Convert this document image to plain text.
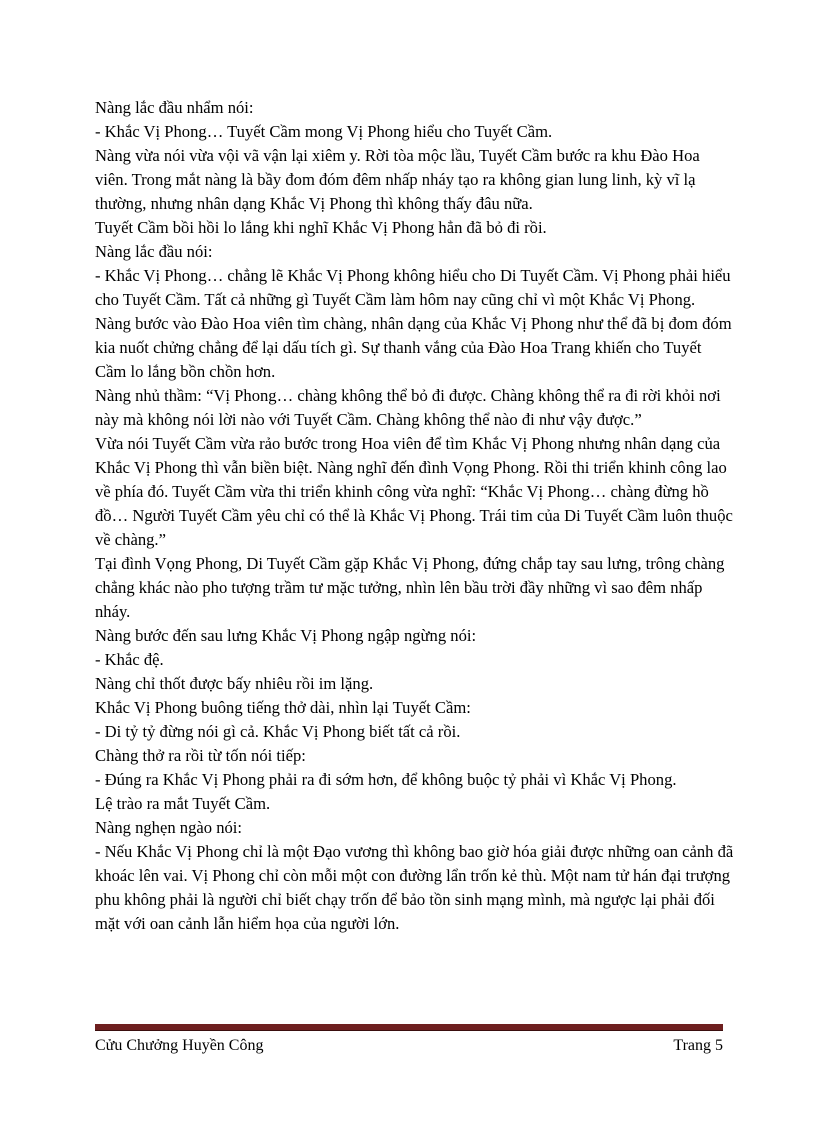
Nàng lắc đầu nhẩm nói:

- Khắc Vị Phong… Tuyết Cầm mong Vị Phong hiểu cho Tuyết Cầm.

Nàng vừa nói vừa vội vã vận lại xiêm y. Rời tòa mộc lầu, Tuyết Cầm bước ra khu Đào Hoa viên. Trong mắt nàng là bầy đom đóm đêm nhấp nháy tạo ra không gian lung linh, kỳ vĩ lạ thường, nhưng nhân dạng Khắc Vị Phong thì không thấy đâu nữa.

Tuyết Cầm bồi hồi lo lắng khi nghĩ Khắc Vị Phong hẳn đã bỏ đi rồi.

Nàng lắc đầu nói:

- Khắc Vị Phong… chẳng lẽ Khắc Vị Phong không hiểu cho Di Tuyết Cầm. Vị Phong phải hiểu cho Tuyết Cầm. Tất cả những gì Tuyết Cầm làm hôm nay cũng chỉ vì một Khắc Vị Phong.

Nàng bước vào Đào Hoa viên tìm chàng, nhân dạng của Khắc Vị Phong như thể đã bị đom đóm kia nuốt chửng chẳng để lại dấu tích gì. Sự thanh vắng của Đào Hoa Trang khiến cho Tuyết Cầm lo lắng bồn chồn hơn.

Nàng nhủ thầm: “Vị Phong… chàng không thể bỏ đi được. Chàng không thể ra đi rời khỏi nơi này mà không nói lời nào với Tuyết Cầm. Chàng không thể nào đi như vậy được.”

Vừa nói Tuyết Cầm vừa rảo bước trong Hoa viên để tìm Khắc Vị Phong nhưng nhân dạng của Khắc Vị Phong thì vẫn biền biệt. Nàng nghĩ đến đình Vọng Phong. Rồi thi triển khinh công lao về phía đó. Tuyết Cầm vừa thi triển khinh công vừa nghĩ: “Khắc Vị Phong… chàng đừng hồ đồ… Người Tuyết Cầm yêu chỉ có thể là Khắc Vị Phong. Trái tim của Di Tuyết Cầm luôn thuộc về chàng.”

Tại đình Vọng Phong, Di Tuyết Cầm gặp Khắc Vị Phong, đứng chắp tay sau lưng, trông chàng chẳng khác nào pho tượng trầm tư mặc tưởng, nhìn lên bầu trời đầy những vì sao đêm nhấp nháy.

Nàng bước đến sau lưng Khắc Vị Phong ngập ngừng nói:

- Khắc đệ.

Nàng chỉ thốt được bấy nhiêu rồi im lặng.

Khắc Vị Phong buông tiếng thở dài, nhìn lại Tuyết Cầm:

- Di tỷ tỷ đừng nói gì cả. Khắc Vị Phong biết tất cả rồi.

Chàng thở ra rồi từ tốn nói tiếp:

- Đúng ra Khắc Vị Phong phải ra đi sớm hơn, để không buộc tỷ phải vì Khắc Vị Phong.

Lệ trào ra mắt Tuyết Cầm.

Nàng nghẹn ngào nói:

- Nếu Khắc Vị Phong chỉ là một Đạo vương thì không bao giờ hóa giải được những oan cảnh đã khoác lên vai. Vị Phong chỉ còn mỗi một con đường lẩn trốn kẻ thù. Một nam tử hán đại trượng phu không phải là người chỉ biết chạy trốn để bảo tồn sinh mạng mình, mà ngược lại phải đối mặt với oan cảnh lẫn hiểm họa của người lớn.

Cửu Chưởng Huyền Công	Trang 5
